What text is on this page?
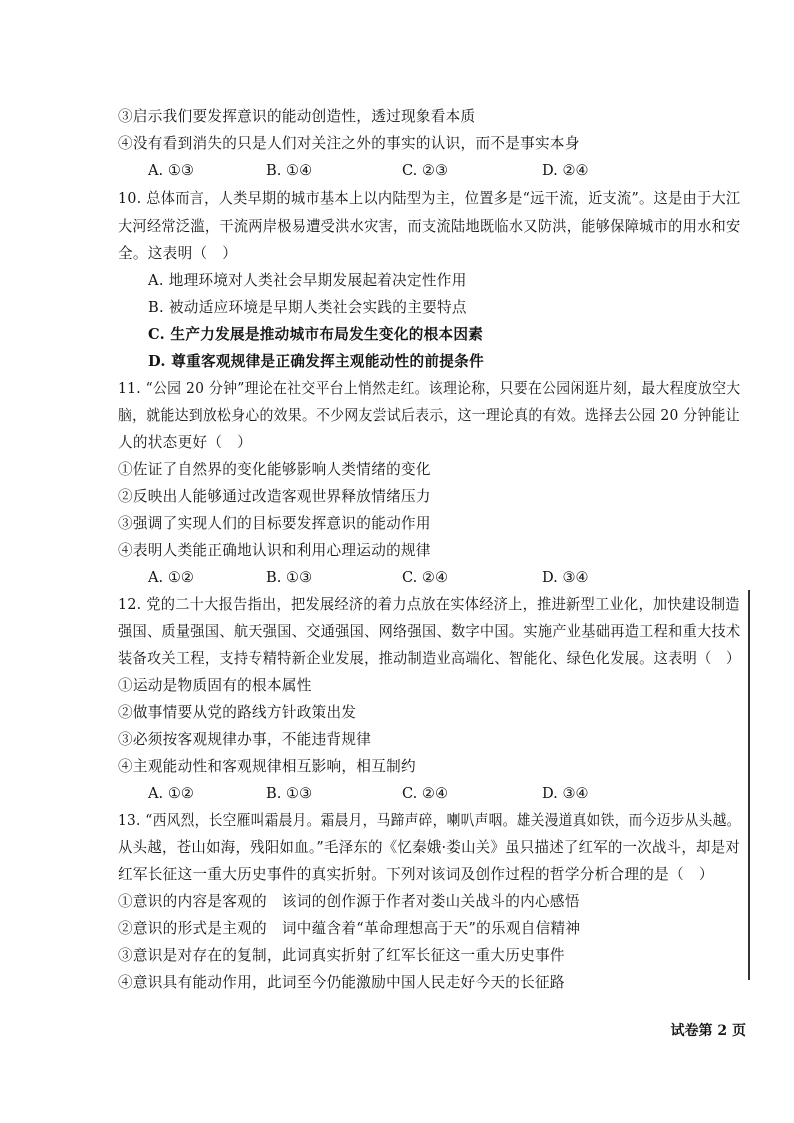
③启示我们要发挥意识的能动创造性，透过现象看本质
④没有看到消失的只是人们对关注之外的事实的认识，而不是事实本身
A. ①③	B. ①④	C. ②③	D. ②④
10. 总体而言，人类早期的城市基本上以内陆型为主，位置多是“远干流，近支流”。这是由于大江
大河经常泛滥，干流两岸极易遭受洪水灾害，而支流陆地既临水又防洪，能够保障城市的用水和安
全。这表明（　）
A. 地理环境对人类社会早期发展起着决定性作用
B. 被动适应环境是早期人类社会实践的主要特点
C. 生产力发展是推动城市布局发生变化的根本因素
D. 尊重客观规律是正确发挥主观能动性的前提条件
11. “公园 20 分钟”理论在社交平台上悄然走红。该理论称，只要在公园闲逛片刻，最大程度放空大
脑，就能达到放松身心的效果。不少网友尝试后表示，这一理论真的有效。选择去公园 20 分钟能让
人的状态更好（　）
①佐证了自然界的变化能够影响人类情绪的变化
②反映出人能够通过改造客观世界释放情绪压力
③强调了实现人们的目标要发挥意识的能动作用
④表明人类能正确地认识和利用心理运动的规律
A. ①②	B. ①③	C. ②④	D. ③④
12. 党的二十大报告指出，把发展经济的着力点放在实体经济上，推进新型工业化，加快建设制造
强国、质量强国、航天强国、交通强国、网络强国、数字中国。实施产业基础再造工程和重大技术
装备攻关工程，支持专精特新企业发展，推动制造业高端化、智能化、绿色化发展。这表明（　）
①运动是物质固有的根本属性
②做事情要从党的路线方针政策出发
③必须按客观规律办事，不能违背规律
④主观能动性和客观规律相互影响，相互制约
A. ①②	B. ①③	C. ②④	D. ③④
13. “西风烈，长空雁叫霜晨月。霜晨月，马蹄声碎，喇叭声咽。雄关漫道真如铁，而今迈步从头越。
从头越，苍山如海，残阳如血。”毛泽东的《忆秦娥·娄山关》虽只描述了红军的一次战斗，却是对
红军长征这一重大历史事件的真实折射。下列对该词及创作过程的哲学分析合理的是（　）
①意识的内容是客观的　该词的创作源于作者对娄山关战斗的内心感悟
②意识的形式是主观的　词中蕴含着“革命理想高于天”的乐观自信精神
③意识是对存在的复制，此词真实折射了红军长征这一重大历史事件
④意识具有能动作用，此词至今仍能激励中国人民走好今天的长征路
试卷第 2 页
